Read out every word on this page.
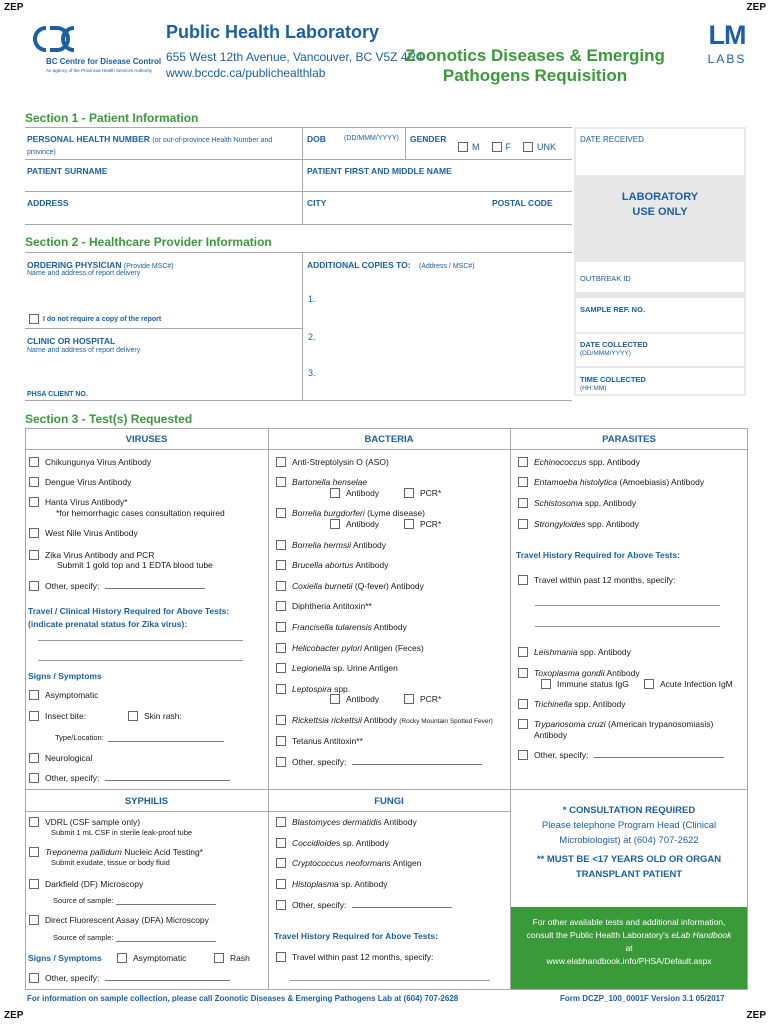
ZEP	ZEP
ZEP	ZEP
BC Centre for Disease Control
An agency of the Provincial Health Services Authority
Public Health Laboratory
655 West 12th Avenue, Vancouver, BC V5Z 4R4
www.bccdc.ca/publichealthlab
Zoonotics Diseases & Emerging
Pathogens Requisition
LM
LABS
Section 1 - Patient Information
PERSONAL HEALTH NUMBER (or out-of-province Health Number and province)
DOB	(DD/MMM/YYYY) GENDER
M	F	UNK
PATIENT SURNAME	PATIENT FIRST AND MIDDLE NAME
ADDRESS	CITY	POSTAL CODE
DATE RECEIVED
LABORATORY
USE ONLY
OUTBREAK ID
SAMPLE REF. NO.
DATE COLLECTED
(DD/MMM/YYYY)
TIME COLLECTED
(HH:MM)
Section 2 - Healthcare Provider Information
ORDERING PHYSICIAN (Provide MSC#)
Name and address of report delivery
ADDITIONAL COPIES TO: (Address / MSC#)
1.
2.
3.
I do not require a copy of the report
CLINIC OR HOSPITAL
Name and address of report delivery
PHSA CLIENT NO.
Section 3 - Test(s) Requested
VIRUSES	BACTERIA	PARASITES
Chikungunya Virus Antibody
Dengue Virus Antibody
Hanta Virus Antibody*
*for hemorrhagic cases consultation required
West Nile Virus Antibody
Zika Virus Antibody and PCR
Submit 1 gold top and 1 EDTA blood tube
Other, specify:
Travel / Clinical History Required for Above Tests:
(indicate prenatal status for Zika virus):
Signs / Symptoms
Asymptomatic
Insect bite:	Skin rash:
Type/Location:
Neurological
Other, specify:
Anti-Streptolysin O (ASO)
Bartonella henselae
Antibody	PCR*
Borrelia burgdorferi (Lyme disease)
Antibody	PCR*
Borrelia hermsii Antibody
Brucella abortus Antibody
Coxiella burnetii (Q-fever) Antibody
Diphtheria Antitoxin**
Francisella tularensis Antibody
Helicobacter pylori Antigen (Feces)
Legionella sp. Urine Antigen
Leptospira spp.
Antibody	PCR*
Rickettsia rickettsii Antibody (Rocky Mountain Spotted Fever)
Tetanus Antitoxin**
Other, specify:
Echinococcus spp. Antibody
Entamoeba histolytica (Amoebiasis) Antibody
Schistosoma spp. Antibody
Strongyloides spp. Antibody
Travel History Required for Above Tests:
Travel within past 12 months, specify:
Leishmania spp. Antibody
Toxoplasma gondii Antibody
Immune status IgG	Acute Infection IgM
Trichinella spp. Antibody
Trypanosoma cruzi (American trypanosomiasis)
Antibody
Other, specify:
SYPHILIS
VDRL (CSF sample only)
Submit 1 mL CSF in sterile leak-proof tube
Treponema pallidum Nucleic Acid Testing*
Submit exudate, tissue or body fluid
Darkfield (DF) Microscopy
Source of sample:
Direct Fluorescent Assay (DFA) Microscopy
Source of sample:
Signs / Symptoms	Asymptomatic	Rash
Other, specify:
FUNGI
Blastomyces dermatidis Antibody
Coccidioides sp. Antibody
Cryptococcus neoformans Antigen
Histoplasma sp. Antibody
Other, specify:
Travel History Required for Above Tests:
Travel within past 12 months, specify:
* CONSULTATION REQUIRED
Please telephone Program Head (Clinical
Microbiologist) at (604) 707-2622
** MUST BE <17 YEARS OLD OR ORGAN
TRANSPLANT PATIENT
For other available tests and additional information,
consult the Public Health Laboratory's eLab Handbook
at
www.elabhandbook.info/PHSA/Default.aspx
For information on sample collection, please call Zoonotic Diseases & Emerging Pathogens Lab at (604) 707-2628	Form DCZP_100_0001F Version 3.1 05/2017
